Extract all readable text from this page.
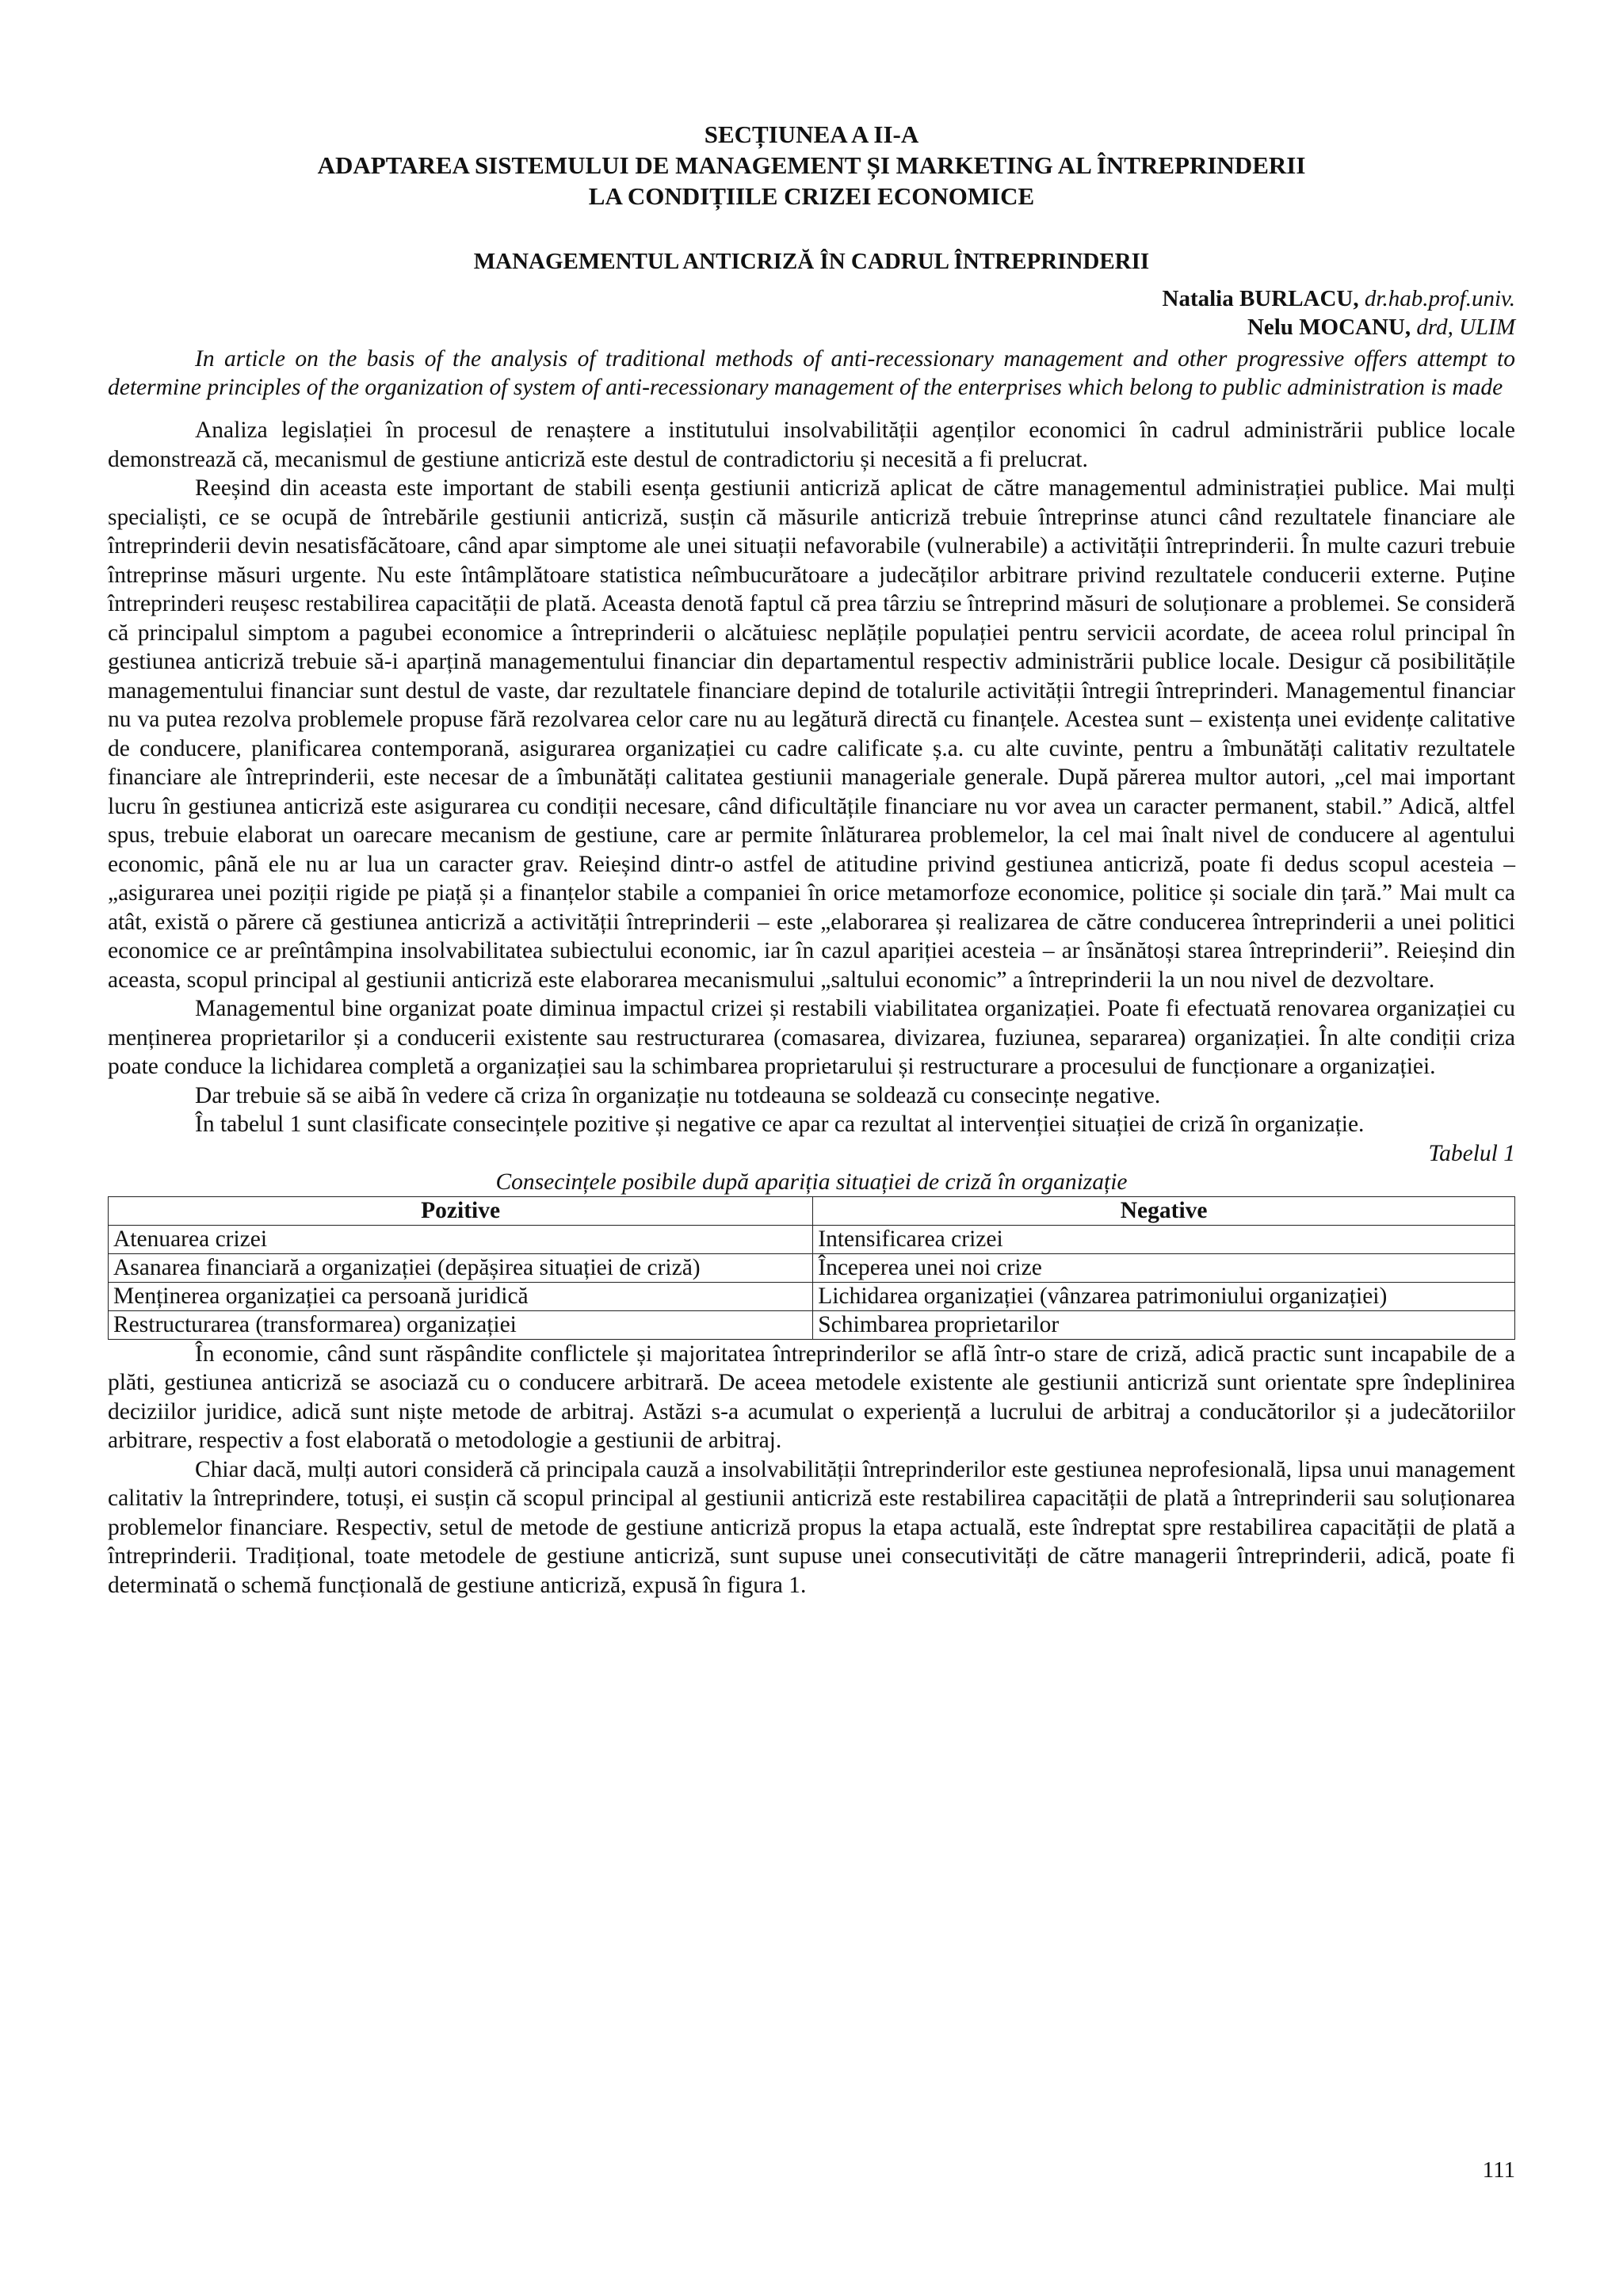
SECȚIUNEA A II-A

ADAPTAREA SISTEMULUI DE MANAGEMENT ȘI MARKETING AL ÎNTREPRINDERII

LA CONDIȚIILE CRIZEI ECONOMICE

MANAGEMENTUL ANTICRIZĂ ÎN CADRUL ÎNTREPRINDERII

Natalia BURLACU, dr.hab.prof.univ.

Nelu MOCANU, drd, ULIM

In article on the basis of the analysis of traditional methods of anti-recessionary management and other progressive offers attempt to determine principles of the organization of system of anti-recessionary management of the enterprises which belong to public administration is made

Analiza legislației în procesul de renaștere a institutului insolvabilității agenților economici în cadrul administrării publice locale demonstrează că, mecanismul de gestiune anticriză este destul de contradictoriu și necesită a fi prelucrat.

Reeșind din aceasta este important de stabili esența gestiunii anticriză aplicat de către managementul administrației publice. Mai mulți specialiști, ce se ocupă de întrebările gestiunii anticriză, susțin că măsurile anticriză trebuie întreprinse atunci când rezultatele financiare ale întreprinderii devin nesatisfăcătoare, când apar simptome ale unei situații nefavorabile (vulnerabile) a activității întreprinderii. În multe cazuri trebuie întreprinse măsuri urgente. Nu este întâmplătoare statistica neîmbucurătoare a judecăților arbitrare privind rezultatele conducerii externe. Puține întreprinderi reușesc restabilirea capacității de plată. Aceasta denotă faptul că prea târziu se întreprind măsuri de soluționare a problemei. Se consideră că principalul simptom a pagubei economice a întreprinderii o alcătuiesc neplățile populației pentru servicii acordate, de aceea rolul principal în gestiunea anticriză trebuie să-i aparțină managementului financiar din departamentul respectiv administrării publice locale. Desigur că posibilitățile managementului financiar sunt destul de vaste, dar rezultatele financiare depind de totalurile activității întregii întreprinderi. Managementul financiar nu va putea rezolva problemele propuse fără rezolvarea celor care nu au legătură directă cu finanțele. Acestea sunt – existența unei evidențe calitative de conducere, planificarea contemporană, asigurarea organizației cu cadre calificate ș.a. cu alte cuvinte, pentru a îmbunătăți calitativ rezultatele financiare ale întreprinderii, este necesar de a îmbunătăți calitatea gestiunii manageriale generale. După părerea multor autori, „cel mai important lucru în gestiunea anticriză este asigurarea cu condiții necesare, când dificultățile financiare nu vor avea un caracter permanent, stabil.” Adică, altfel spus, trebuie elaborat un oarecare mecanism de gestiune, care ar permite înlăturarea problemelor, la cel mai înalt nivel de conducere al agentului economic, până ele nu ar lua un caracter grav. Reieșind dintr-o astfel de atitudine privind gestiunea anticriză, poate fi dedus scopul acesteia – „asigurarea unei poziții rigide pe piață și a finanțelor stabile a companiei în orice metamorfoze economice, politice și sociale din țară.” Mai mult ca atât, există o părere că gestiunea anticriză a activității întreprinderii – este „elaborarea și realizarea de către conducerea întreprinderii a unei politici economice ce ar preîntâmpina insolvabilitatea subiectului economic, iar în cazul apariției acesteia – ar însănătoși starea întreprinderii”. Reieșind din aceasta, scopul principal al gestiunii anticriză este elaborarea mecanismului „saltului economic” a întreprinderii la un nou nivel de dezvoltare.

Managementul bine organizat poate diminua impactul crizei și restabili viabilitatea organizației. Poate fi efectuată renovarea organizației cu menținerea proprietarilor și a conducerii existente sau restructurarea (comasarea, divizarea, fuziunea, separarea) organizației. În alte condiții criza poate conduce la lichidarea completă a organizației sau la schimbarea proprietarului și restructurare a procesului de funcționare a organizației.

Dar trebuie să se aibă în vedere că criza în organizație nu totdeauna se soldează cu consecințe negative.

În tabelul 1 sunt clasificate consecințele pozitive și negative ce apar ca rezultat al intervenției situației de criză în organizație.

Tabelul 1

Consecințele posibile după apariția situației de criză în organizație

Pozitive	Negative
Atenuarea crizei	Intensificarea crizei
Asanarea financiară a organizației (depășirea situației de criză)	Începerea unei noi crize
Menținerea organizației ca persoană juridică	Lichidarea organizației (vânzarea patrimoniului organizației)
Restructurarea (transformarea) organizației	Schimbarea proprietarilor

În economie, când sunt răspândite conflictele și majoritatea întreprinderilor se află într-o stare de criză, adică practic sunt incapabile de a plăti, gestiunea anticriză se asociază cu o conducere arbitrară. De aceea metodele existente ale gestiunii anticriză sunt orientate spre îndeplinirea deciziilor juridice, adică sunt niște metode de arbitraj. Astăzi s-a acumulat o experiență a lucrului de arbitraj a conducătorilor și a judecătoriilor arbitrare, respectiv a fost elaborată o metodologie a gestiunii de arbitraj.

Chiar dacă, mulți autori consideră că principala cauză a insolvabilității întreprinderilor este gestiunea neprofesională, lipsa unui management calitativ la întreprindere, totuși, ei susțin că scopul principal al gestiunii anticriză este restabilirea capacității de plată a întreprinderii sau soluționarea problemelor financiare. Respectiv, setul de metode de gestiune anticriză propus la etapa actuală, este îndreptat spre restabilirea capacității de plată a întreprinderii. Tradițional, toate metodele de gestiune anticriză, sunt supuse unei consecutivități de către managerii întreprinderii, adică, poate fi determinată o schemă funcțională de gestiune anticriză, expusă în figura 1.

111
